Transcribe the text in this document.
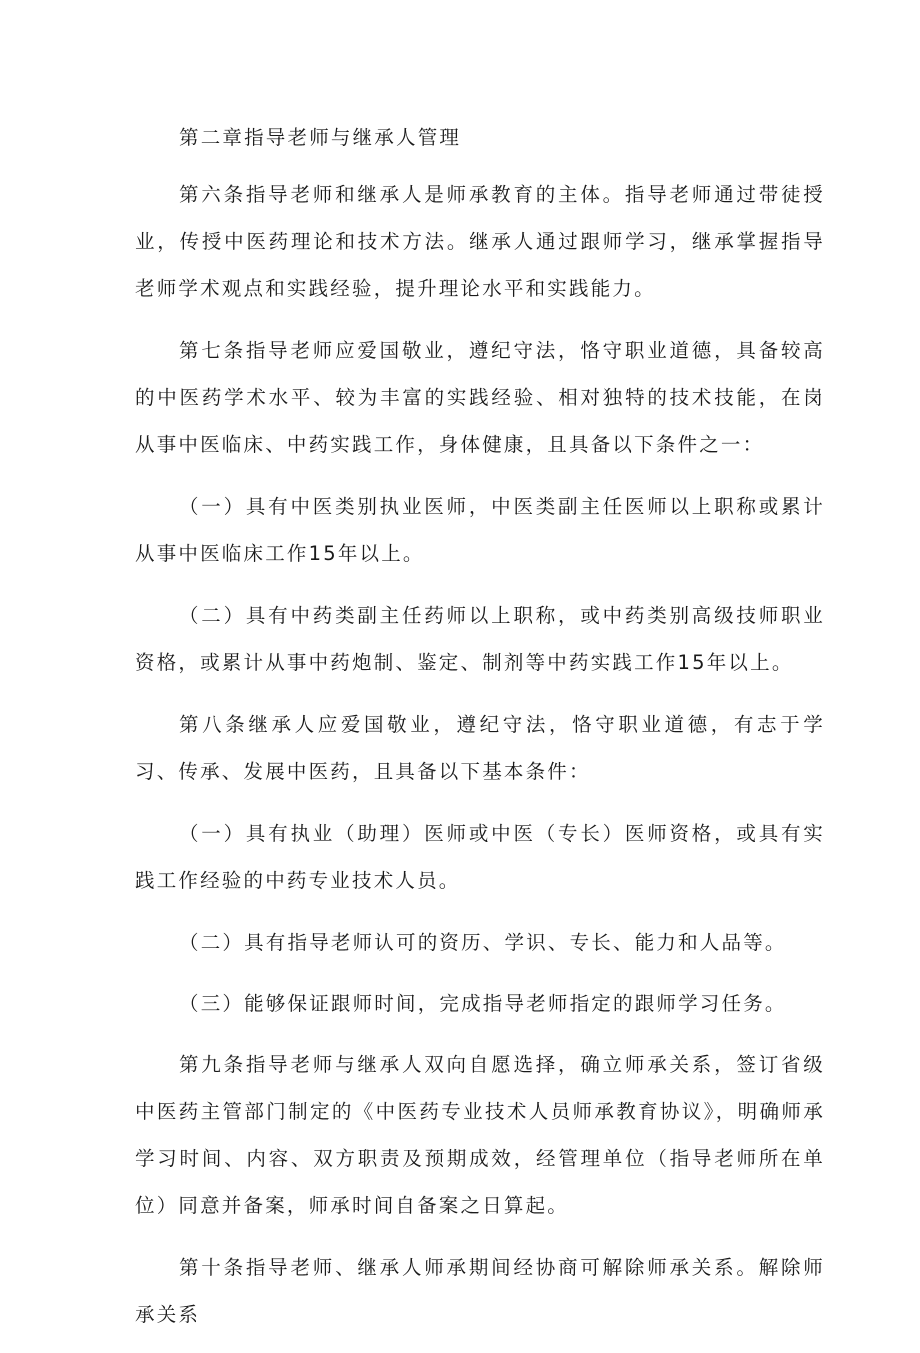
第二章指导老师与继承人管理

第六条指导老师和继承人是师承教育的主体。指导老师通过带徒授业，传授中医药理论和技术方法。继承人通过跟师学习，继承掌握指导老师学术观点和实践经验，提升理论水平和实践能力。

第七条指导老师应爱国敬业，遵纪守法，恪守职业道德，具备较高的中医药学术水平、较为丰富的实践经验、相对独特的技术技能，在岗从事中医临床、中药实践工作，身体健康，且具备以下条件之一：

（一）具有中医类别执业医师，中医类副主任医师以上职称或累计从事中医临床工作15年以上。

（二）具有中药类副主任药师以上职称，或中药类别高级技师职业资格，或累计从事中药炮制、鉴定、制剂等中药实践工作15年以上。

第八条继承人应爱国敬业，遵纪守法，恪守职业道德，有志于学习、传承、发展中医药，且具备以下基本条件：

（一）具有执业（助理）医师或中医（专长）医师资格，或具有实践工作经验的中药专业技术人员。

（二）具有指导老师认可的资历、学识、专长、能力和人品等。

（三）能够保证跟师时间，完成指导老师指定的跟师学习任务。

第九条指导老师与继承人双向自愿选择，确立师承关系，签订省级中医药主管部门制定的《中医药专业技术人员师承教育协议》，明确师承学习时间、内容、双方职责及预期成效，经管理单位（指导老师所在单位）同意并备案，师承时间自备案之日算起。

第十条指导老师、继承人师承期间经协商可解除师承关系。解除师承关系
